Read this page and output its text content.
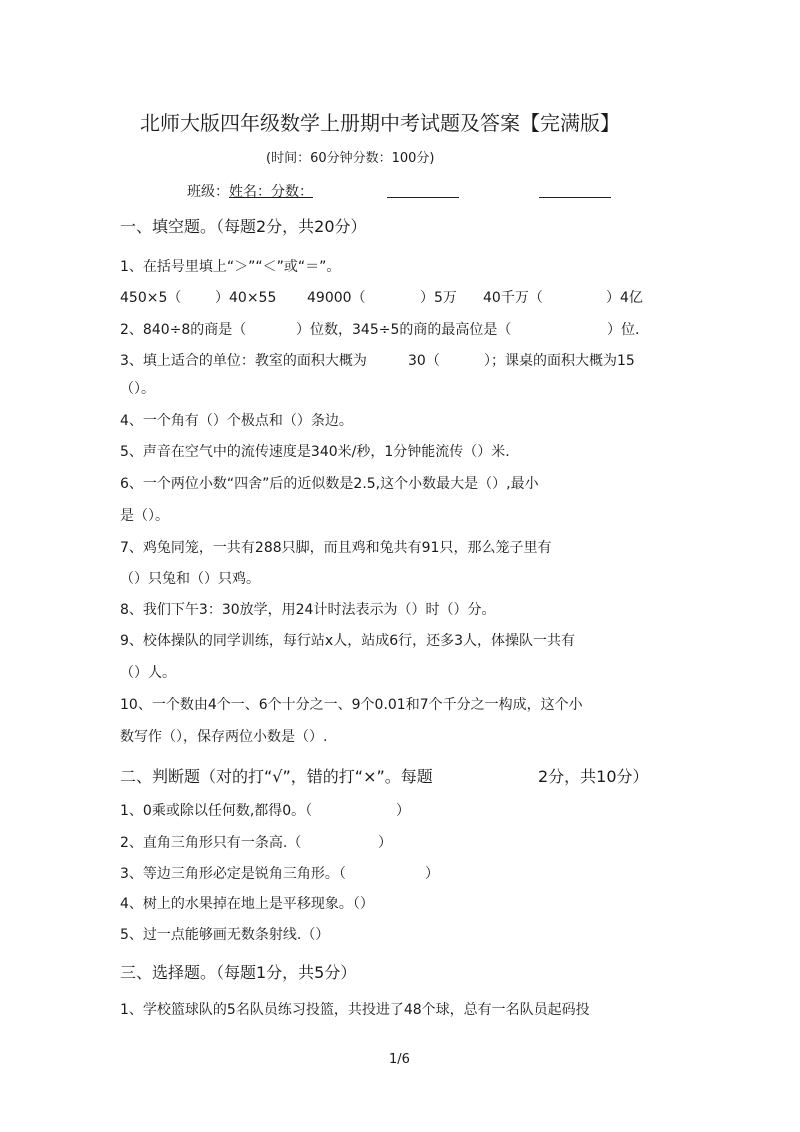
北师大版四年级数学上册期中考试题及答案【完满版】
(时间：60分钟分数：100分)
班级：姓名：分数：
一、填空题。（每题2分，共20分）
1、在括号里填上“＞”“＜”或“＝”。
450×5（ ）40×55 49000（	）5万 40千万（	）4亿
2、840÷8的商是（	）位数，345÷5的商的最高位是（	）位.
3、填上适合的单位：教室的面积大概为	30（	）；课桌的面积大概为15
（）。
4、一个角有（）个极点和（）条边。
5、声音在空气中的流传速度是340米/秒，1分钟能流传（）米.
6、一个两位小数“四舍”后的近似数是2.5,这个小数最大是（）,最小
是（）。
7、鸡兔同笼，一共有288只脚，而且鸡和兔共有91只，那么笼子里有
（）只兔和（）只鸡。
8、我们下午3：30放学，用24计时法表示为（）时（）分。
9、校体操队的同学训练，每行站x人，站成6行，还多3人，体操队一共有
（）人。
10、一个数由4个一、6个十分之一、9个0.01和7个千分之一构成，这个小
数写作（），保存两位小数是（）.
二、判断题（对的打“√”，错的打“×”。每题	2分，共10分）
1、0乘或除以任何数,都得0。（	）
2、直角三角形只有一条高.（	）
3、等边三角形必定是锐角三角形。（	）
4、树上的水果掉在地上是平移现象。（）
5、过一点能够画无数条射线.（）
三、选择题。（每题1分，共5分）
1、学校篮球队的5名队员练习投篮，共投进了48个球，总有一名队员起码投
1/6
